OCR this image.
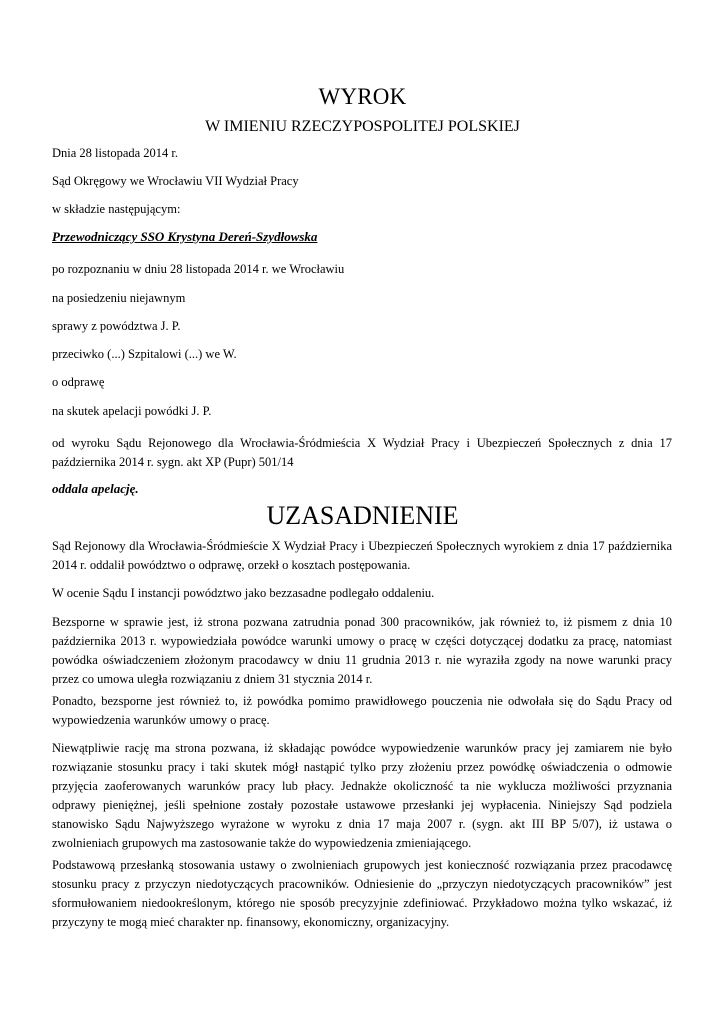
WYROK
W IMIENIU RZECZYPOSPOLITEJ POLSKIEJ
Dnia 28 listopada 2014 r.
Sąd Okręgowy we Wrocławiu VII Wydział Pracy
w składzie następującym:
Przewodniczący SSO Krystyna Dereń-Szydłowska
po rozpoznaniu w dniu 28 listopada 2014 r. we Wrocławiu
na posiedzeniu niejawnym
sprawy z powództwa J. P.
przeciwko (...) Szpitalowi (...) we W.
o odprawę
na skutek apelacji powódki J. P.
od wyroku Sądu Rejonowego dla Wrocławia-Śródmieścia X Wydział Pracy i Ubezpieczeń Społecznych z dnia 17 października 2014 r. sygn. akt XP (Pupr) 501/14
oddala apelację.
UZASADNIENIE
Sąd Rejonowy dla Wrocławia-Śródmieście X Wydział Pracy i Ubezpieczeń Społecznych wyrokiem z dnia 17 października 2014 r. oddalił powództwo o odprawę, orzekł o kosztach postępowania.
W ocenie Sądu I instancji powództwo jako bezzasadne podlegało oddaleniu.
Bezsporne w sprawie jest, iż strona pozwana zatrudnia ponad 300 pracowników, jak również to, iż pismem z dnia 10 października 2013 r. wypowiedziała powódce warunki umowy o pracę w części dotyczącej dodatku za pracę, natomiast powódka oświadczeniem złożonym pracodawcy w dniu 11 grudnia 2013 r. nie wyraziła zgody na nowe warunki pracy przez co umowa uległa rozwiązaniu z dniem 31 stycznia 2014 r.
Ponadto, bezsporne jest również to, iż powódka pomimo prawidłowego pouczenia nie odwołała się do Sądu Pracy od wypowiedzenia warunków umowy o pracę.
Niewątpliwie rację ma strona pozwana, iż składając powódce wypowiedzenie warunków pracy jej zamiarem nie było rozwiązanie stosunku pracy i taki skutek mógł nastąpić tylko przy złożeniu przez powódkę oświadczenia o odmowie przyjęcia zaoferowanych warunków pracy lub płacy. Jednakże okoliczność ta nie wyklucza możliwości przyznania odprawy pieniężnej, jeśli spełnione zostały pozostałe ustawowe przesłanki jej wypłacenia. Niniejszy Sąd podziela stanowisko Sądu Najwyższego wyrażone w wyroku z dnia 17 maja 2007 r. (sygn. akt III BP 5/07), iż ustawa o zwolnieniach grupowych ma zastosowanie także do wypowiedzenia zmieniającego.
Podstawową przesłanką stosowania ustawy o zwolnieniach grupowych jest konieczność rozwiązania przez pracodawcę stosunku pracy z przyczyn niedotyczących pracowników. Odniesienie do „przyczyn niedotyczących pracowników” jest sformułowaniem niedookreślonym, którego nie sposób precyzyjnie zdefiniować. Przykładowo można tylko wskazać, iż przyczyny te mogą mieć charakter np. finansowy, ekonomiczny, organizacyjny.
